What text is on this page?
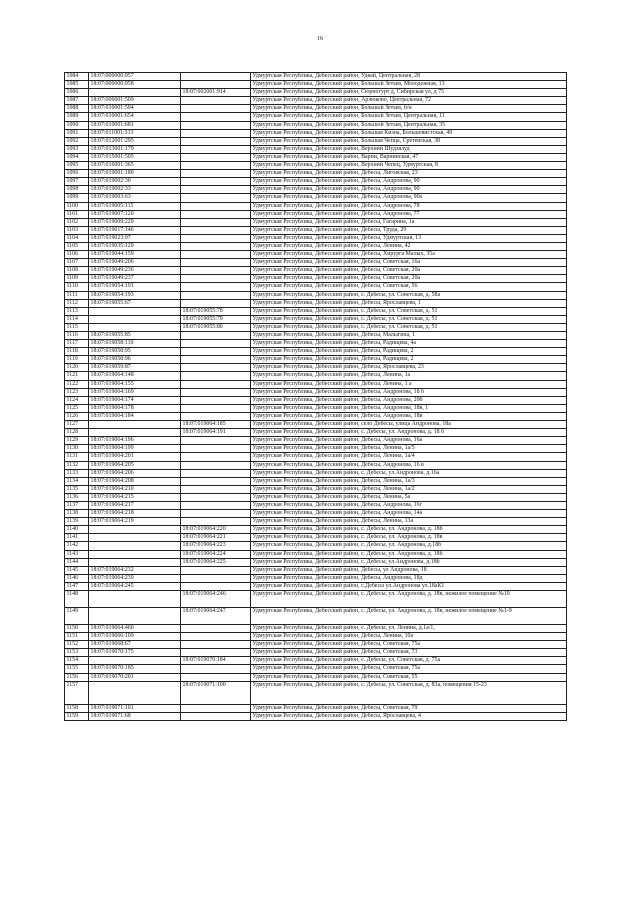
16
1084	18:07:000000:957		Удмуртская Республика, Дебесский район, Удвай, Центральная, 28
1085	18:07:000000:958		Удмуртская Республика, Дебесский район, Большой Зетым, Молодежная, 13
1086		18:07:002001:914	Удмуртская Республика, Дебесский район, Сюрногурт д, Сибирская ул, д 75
1087	18:07:006001:509		Удмуртская Республика, Дебесский район, Арлюково, Центральная, 72
1088	18:07:010001:594		Удмуртская Республика, Дебесский район, Большой Зетым, б/н
1089	18:07:010001:654		Удмуртская Республика, Дебесский район, Большой Зетым, Центральная, 11
1090	18:07:010001:681		Удмуртская Республика, Дебесский район, Большой Зетым, Центральная, 35
1091	18:07:011001:313		Удмуртская Республика, Дебесский район, Большая Кизна, Большевистская, 49
1092	18:07:012001:295		Удмуртская Республика, Дебесский район, Большая Чепца, Сретенская, 38
1093	18:07:013001:179		Удмуртская Республика, Дебесский район, Верхний Шудзялуд
1094	18:07:015001:505		Удмуртская Республика, Дебесский район, Варни, Варнинская, 47
1095	18:07:016001:365		Удмуртская Республика, Дебесский район, Верхний Чепец, Удмуртская, 8
1096	18:07:019001:180		Удмуртская Республика, Дебесский район, Дебесы, Лиговская, 23
1097	18:07:019002:30		Удмуртская Республика, Дебесский район, Дебесы, Андронова, 90
1098	18:07:019002:33		Удмуртская Республика, Дебесский район, Дебесы, Андронова, 90
1099	18:07:019003:63		Удмуртская Республика, Дебесский район, Дебесы, Андронова, 90а
1100	18:07:019005:115		Удмуртская Республика, Дебесский район, Дебесы, Андронова, 78
1101	18:07:019007:120		Удмуртская Республика, Дебесский район, Дебесы, Андронова, 77
1102	18:07:019009:229		Удмуртская Республика, Дебесский район, Дебесы, Гагарина, 1а
1103	18:07:019017:146		Удмуртская Республика, Дебесский район, Дебесы, Труда, 29
1104	18:07:019023:97		Удмуртская Республика, Дебесский район, Дебесы, Удмуртская, 13
1105	18:07:019035:129		Удмуртская Республика, Дебесский район, Дебесы, Ленина, 42
1106	18:07:019044:159		Удмуртская Республика, Дебесский район, Дебесы, Хирурга Малых, 35а
1107	18:07:019049:206		Удмуртская Республика, Дебесский район, Дебесы, Советская, 16а
1108	18:07:019049:236		Удмуртская Республика, Дебесский район, Дебесы, Советская, 20а
1109	18:07:019049:237		Удмуртская Республика, Дебесский район, Дебесы, Советская, 20а
1110	18:07:019054:191		Удмуртская Республика, Дебесский район, Дебесы, Советская, 56
1111	18:07:019054:193		Удмуртская Республика, Дебесский район, с. Дебесы, ул. Советская, д. 58а
1112	18:07:019055:67		Удмуртская Республика, Дебесский район, Дебесы, Ярославцева, 1
1113		18:07:019055:78	Удмуртская Республика, Дебесский район, с. Дебесы, ул. Советская, д. 51
1114		18:07:019055:79	Удмуртская Республика, Дебесский район, с. Дебесы, ул. Советская, д. 51
1115		18:07:019055:80	Удмуртская Республика, Дебесский район, с. Дебесы, ул. Советская, д. 51
1116	18:07:019055:85		Удмуртская Республика, Дебесский район, Дебесы, Малыгина, 1
1117	18:07:019058:119		Удмуртская Республика, Дебесский район, Дебесы, Радищева, 4а
1118	18:07:019058:95		Удмуртская Республика, Дебесский район, Дебесы, Радищева, 2
1119	18:07:019058:96		Удмуртская Республика, Дебесский район, Дебесы, Радищева, 2
1120	18:07:019059:87		Удмуртская Республика, Дебесский район, Дебесы, Ярославцева, 23
1121	18:07:019064:148		Удмуртская Республика, Дебесский район, Дебесы, Ленина, 1а
1122	18:07:019064:155		Удмуртская Республика, Дебесский район, Дебесы, Ленина, 1 а
1123	18:07:019064:169		Удмуртская Республика, Дебесский район, Дебесы, Андронова, 18 б
1124	18:07:019064:174		Удмуртская Республика, Дебесский район, Дебесы, Андронова, 20б
1125	18:07:019064:178		Удмуртская Республика, Дебесский район, Дебесы, Андронова, 18в, 1
1126	18:07:019064:184		Удмуртская Республика, Дебесский район, Дебесы, Андронова, 18в
1127		18:07:019064:185	Удмуртская Республика, Дебесский район, село Дебесы, улица Андронова, 18а
1128		18:07:019064:191	Удмуртская Республика, Дебесский район, с. Дебесы, ул. Андронова, д. 18 б
1129	18:07:019064:196		Удмуртская Республика, Дебесский район, Дебесы, Андронова, 16а
1130	18:07:019064:199		Удмуртская Республика, Дебесский район, Дебесы, Ленина, 1а/5
1131	18:07:019064:201		Удмуртская Республика, Дебесский район, Дебесы, Ленина, 1а/4
1132	18:07:019064:205		Удмуртская Республика, Дебесский район, Дебесы, Андронова, 16 в
1133	18:07:019064:206		Удмуртская Республика, Дебесский район, с. Дебесы, ул.Андронова, д.16а
1134	18:07:019064:208		Удмуртская Республика, Дебесский район, Дебесы, Ленина, 1а/3
1135	18:07:019064:210		Удмуртская Республика, Дебесский район, Дебесы, Ленина, 1а/2
1136	18:07:019064:215		Удмуртская Республика, Дебесский район, Дебесы, Ленина, 5а
1137	18:07:019064:217		Удмуртская Республика, Дебесский район, Дебесы, Андронова, 16г
1138	18:07:019064:218		Удмуртская Республика, Дебесский район, Дебесы, Андронова, 14а
1139	18:07:019064:219		Удмуртская Республика, Дебесский район, Дебесы, Ленина, 13а
1140		18:07:019064:220	Удмуртская Республика, Дебесский район, с. Дебесы, ул. Андронова, д. 18б
1141		18:07:019064:221	Удмуртская Республика, Дебесский район, с. Дебесы, ул. Андронова, д. 18в
1142		18:07:019064:223	Удмуртская Республика, Дебесский район, с. Дебесы, ул. Андронова, д.18б
1143		18:07:019064:224	Удмуртская Республика, Дебесский район, с. Дебесы, ул. Андронова, д. 18б
1144		18:07:019064:225	Удмуртская Республика, Дебесский район, с. Дебесы, ул.Андронова, д.18б
1145	18:07:019064:232		Удмуртская Республика, Дебесский район, Дебесы, ул Андронова, 18
1146	18:07:019064:239		Удмуртская Республика, Дебесский район, Дебесы, Андронова, 18д
1147	18:07:019064:245		Удмуртская Республика, Дебесский район, с.Дебесы ул.Андронова ул.18аК1
1148		18:07:019064:246	Удмуртская Республика, Дебесский район, с. Дебесы, ул. Андронова, д. 18в, нежилое помещение №10
1149		18:07:019064:247	Удмуртская Республика, Дебесский район, с. Дебесы, ул. Андронова, д. 18в, нежилое помещение №1-9
1150	18:07:019064:460		Удмуртская Республика, Дебесский район, с. Дебесы, ул. Ленина, д.1а/1,
1151	18:07:019066:109		Удмуртская Республика, Дебесский район, Дебесы, Ленина, 10а
1152	18:07:019068:67		Удмуртская Республика, Дебесский район, Дебесы, Советская, 75а
1153	18:07:019070:175		Удмуртская Республика, Дебесский район, Дебесы, Советская, 73
1154		18:07:019070:184	Удмуртская Республика, Дебесский район, с. Дебесы, ул. Советская, д. 75а
1155	18:07:019070:185		Удмуртская Республика, Дебесский район, Дебесы, Советская, 75а
1156	18:07:019070:201		Удмуртская Республика, Дебесский район, Дебесы, Советская, 55
1157		18:07:019071:100	Удмуртская Республика, Дебесский район, с. Дебесы, ул. Советская, д. 83а, помещения 15-23
1158	18:07:019071:101		Удмуртская Республика, Дебесский район, Дебесы, Советская, 79
1159	18:07:019071:68		Удмуртская Республика, Дебесский район, Дебесы, Ярославцева, 4
